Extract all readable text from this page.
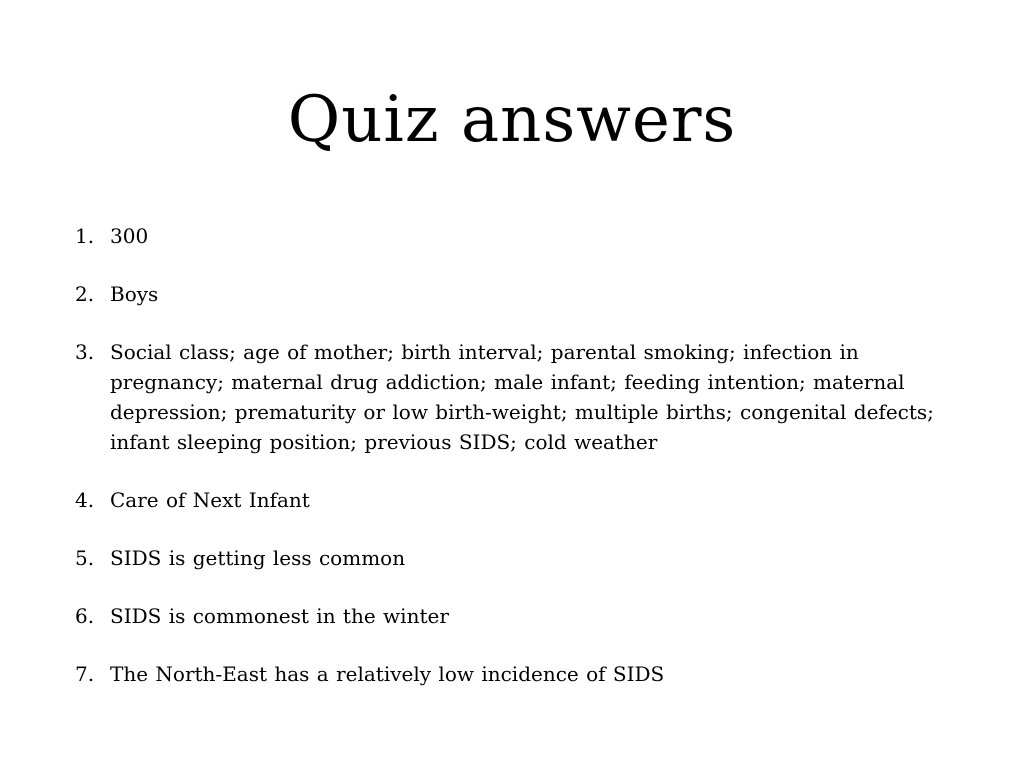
Quiz answers
1. 300
2. Boys
3. Social class; age of mother; birth interval; parental smoking; infection in pregnancy; maternal drug addiction; male infant; feeding intention; maternal depression; prematurity or low birth-weight; multiple births; congenital defects; infant sleeping position; previous SIDS; cold weather
4. Care of Next Infant
5. SIDS is getting less common
6. SIDS is commonest in the winter
7. The North-East has a relatively low incidence of SIDS
